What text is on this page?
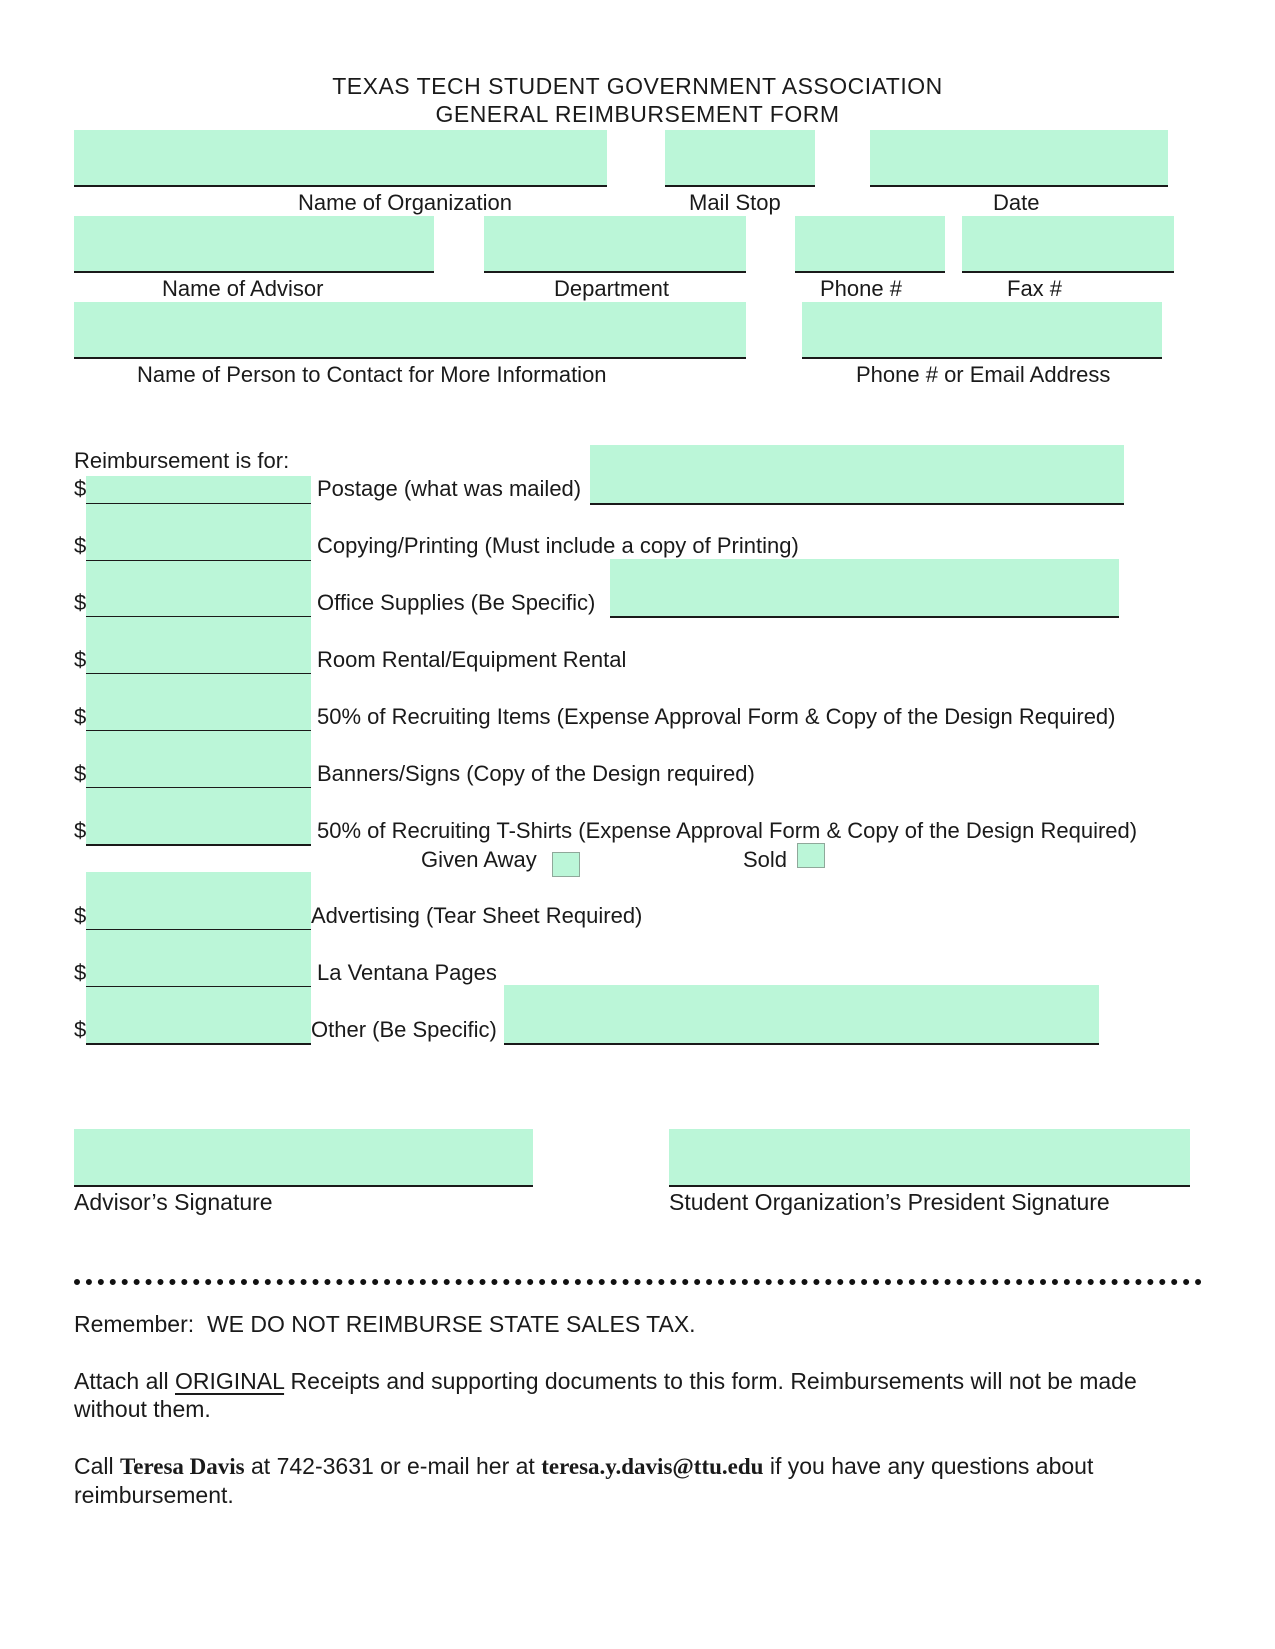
TEXAS TECH STUDENT GOVERNMENT ASSOCIATION
GENERAL REIMBURSEMENT FORM
Name of Organization	Mail Stop	Date
Name of Advisor	Department	Phone #	Fax #
Name of Person to Contact for More Information	Phone # or Email Address
Reimbursement is for:
$	Postage (what was mailed)
$	Copying/Printing (Must include a copy of Printing)
$	Office Supplies (Be Specific)
$	Room Rental/Equipment Rental
$	50% of Recruiting Items (Expense Approval Form & Copy of the Design Required)
$	Banners/Signs (Copy of the Design required)
$	50% of Recruiting T-Shirts (Expense Approval Form & Copy of the Design Required)
Given Away	Sold
$	Advertising (Tear Sheet Required)
$	La Ventana Pages
$	Other (Be Specific)
Advisor’s Signature	Student Organization’s President Signature
Remember: WE DO NOT REIMBURSE STATE SALES TAX.
Attach all ORIGINAL Receipts and supporting documents to this form. Reimbursements will not be made without them.
Call Teresa Davis at 742-3631 or e-mail her at teresa.y.davis@ttu.edu if you have any questions about reimbursement.
